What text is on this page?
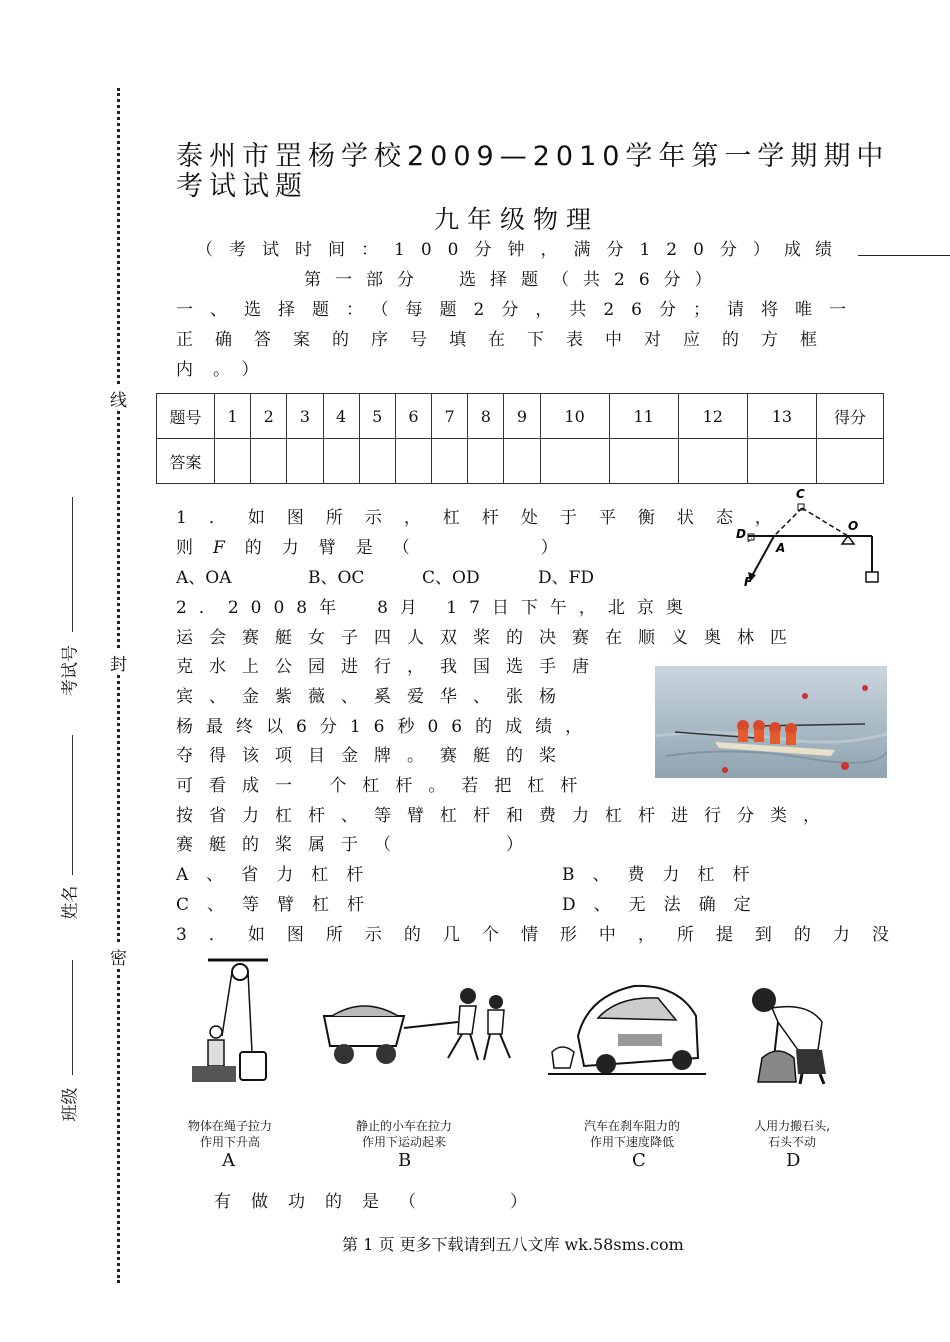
线
封
密
考试号
姓名
班级
泰州市罡杨学校2009—2010学年第一学期期中
考试试题
九年级物理
（考试时间：100分钟，满分120分）
成绩
第一部分　选择题（共26分）
一、选择题：（每题2分，共26分；请将唯一
正确答案的序号填在下表中对应的方框
内。）
题号	1	2	3	4	5	6	7	8	9	10	11	12	13	得分
答案														
1．如图所示，杠杆处于平衡状态，
则F的力臂是（　　　）
A、OA	B、OC	C、OD	D、FD
C
D
A
O
F
2．2008年　8月 17日下午，北京奥
运会赛艇女子四人双桨的决赛在顺义奥林匹
克水上公园进行，我国选手唐
宾、金紫薇、奚爱华、张杨
杨最终以6分16秒06的成绩，
夺得该项目金牌。赛艇的桨
可看成一 个杠杆。若把杠杆
按省力杠杆、等臂杠杆和费力杠杆进行分类，
赛艇的桨属于（　　　）
A、省力杠杆	B、费力杠杆
C、等臂杠杆	D、无法确定
3．如图所示的几个情形中，所提到的力没
物体在绳子拉力
作用下升高
A
静止的小车在拉力
作用下运动起来
B
汽车在刹车阻力的
作用下速度降低
C
人用力搬石头,
石头不动
D
有做功的是（　　）
第 1 页 更多下载请到五八文库 wk.58sms.com
